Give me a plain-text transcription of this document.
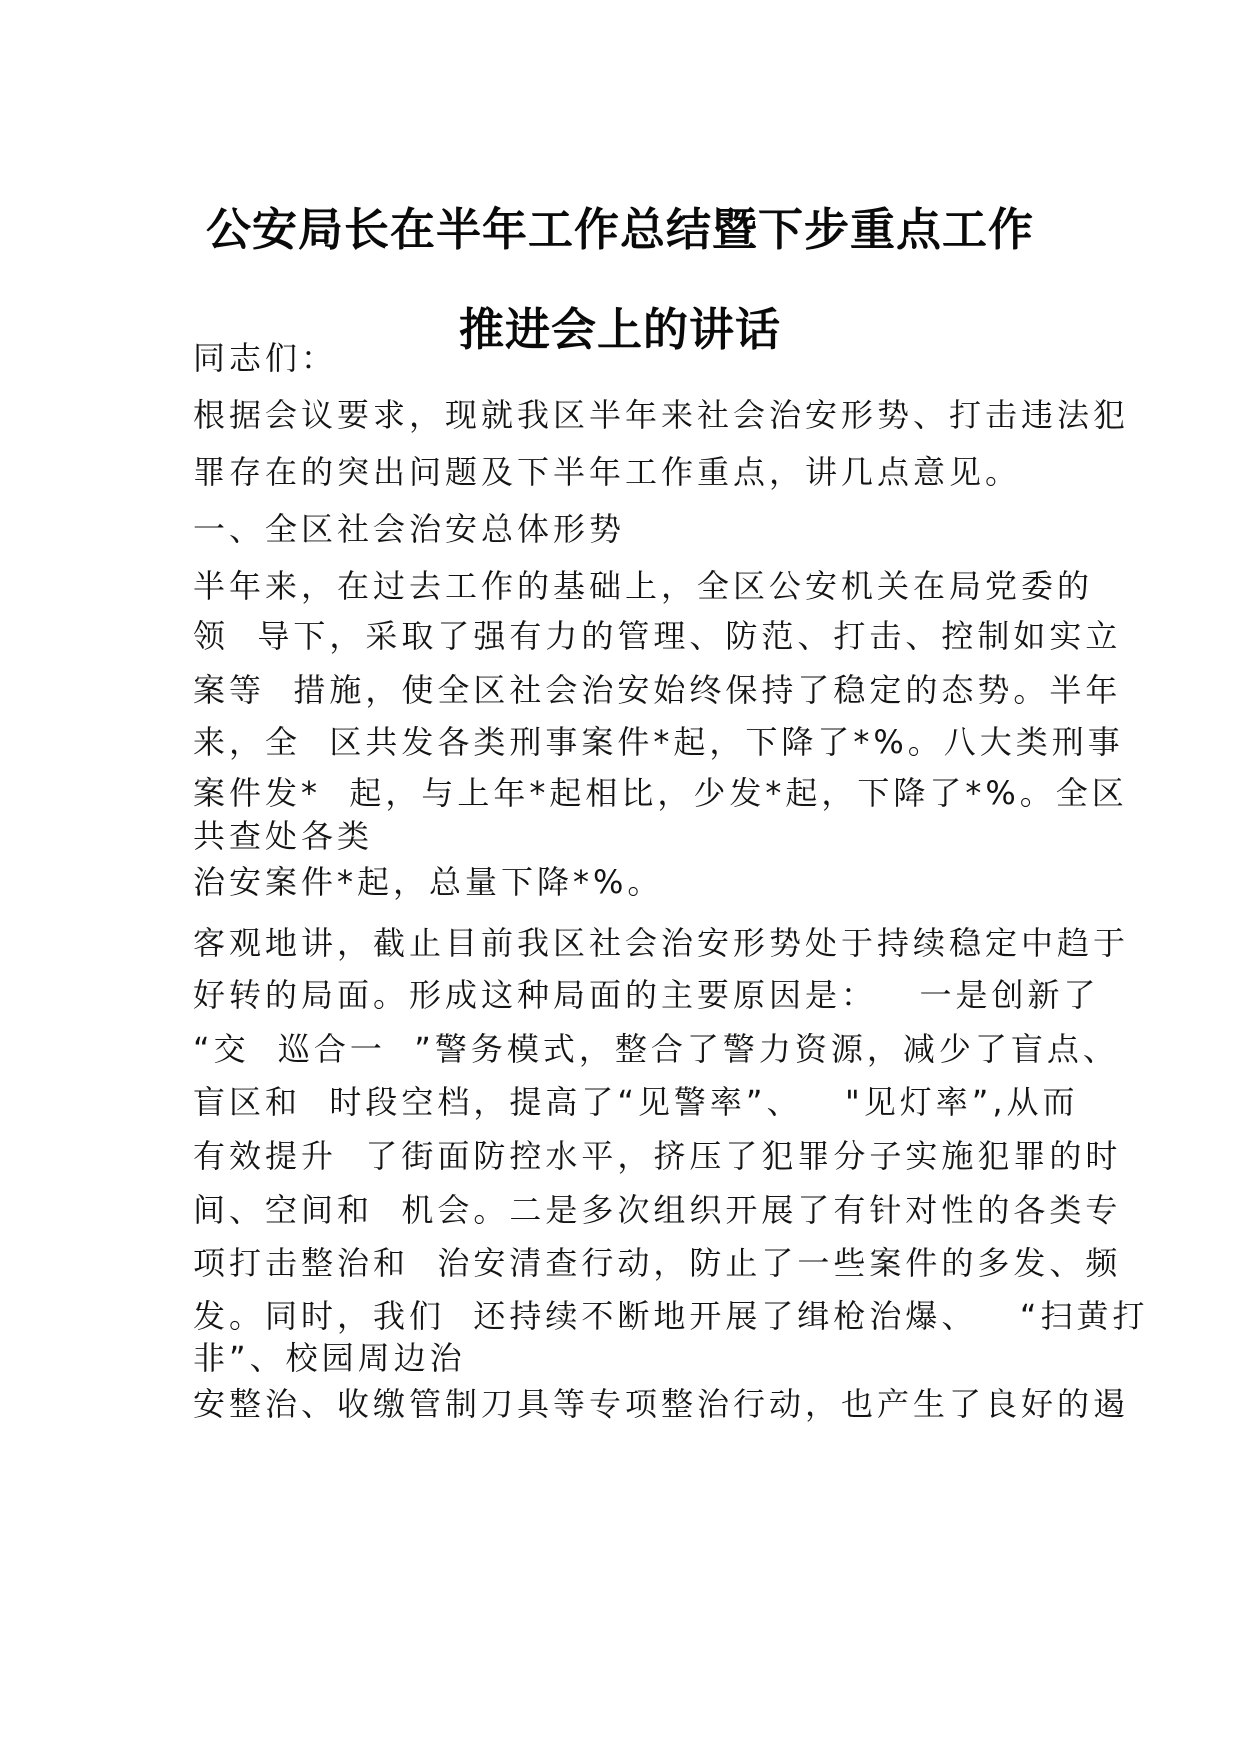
公安局长在半年工作总结暨下步重点工作
推进会上的讲话
同志们：
根据会议要求，现就我区半年来社会治安形势、打击违法犯
罪存在的突出问题及下半年工作重点，讲几点意见。
一、全区社会治安总体形势
半年来，在过去工作的基础上，全区公安机关在局党委的
领  导下，采取了强有力的管理、防范、打击、控制如实立
案等  措施，使全区社会治安始终保持了稳定的态势。半年
来，全  区共发各类刑事案件*起，下降了*%。八大类刑事
案件发*  起，与上年*起相比，少发*起，下降了*%。全区
共查处各类
治安案件*起，总量下降*%。
客观地讲，截止目前我区社会治安形势处于持续稳定中趋于
好转的局面。形成这种局面的主要原因是：   一是创新了
“交  巡合一  ”警务模式，整合了警力资源，减少了盲点、
盲区和  时段空档，提高了“见警率”、   "见灯率”,从而
有效提升  了街面防控水平，挤压了犯罪分子实施犯罪的时
间、空间和  机会。二是多次组织开展了有针对性的各类专
项打击整治和  治安清查行动，防止了一些案件的多发、频
发。同时，我们  还持续不断地开展了缉枪治爆、   “扫黄打
非”、校园周边治
安整治、收缴管制刀具等专项整治行动，也产生了良好的遏
